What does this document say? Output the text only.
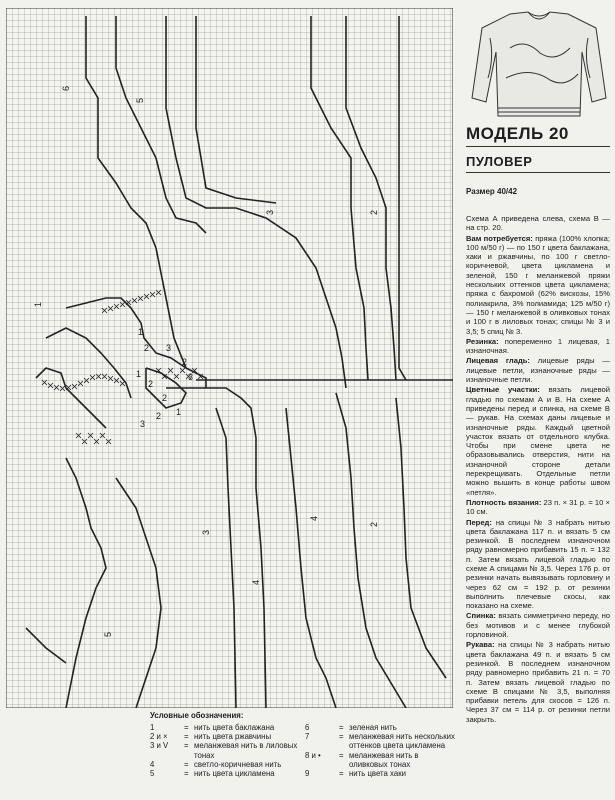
6
5
1
3	2
1
2 3
2
1
2
3
2
1
2
3
3
2
4
4
5
МОДЕЛЬ 20
ПУЛОВЕР
Размер 40/42

Схема А приведена слева, схема В — на стр. 20.

Вам потребуется: пряжа (100% хлопка; 100 м/50 г) — по 150 г цвета баклажана, хаки и ржавчины, по 100 г светло-коричневой, цвета цикламена и зеленой, 150 г меланжевой пряжи нескольких оттенков цвета цикламена; пряжа с бахромой (62% вискозы, 15% полиакрила, 3% полиамида; 125 м/50 г) — 150 г меланжевой в оливковых тонах и 100 г в лиловых тонах; спицы № 3 и 3,5; 5 спиц № 3.

Резинка: попеременно 1 лицевая, 1 изнаночная.

Лицевая гладь: лицевые ряды — лицевые петли, изнаночные ряды — изнаночные петли.

Цветные участки: вязать лицевой гладью по схемам А и В. На схеме А приведены перед и спинка, на схеме В — рукав. На схемах даны лицевые и изнаночные ряды. Каждый цветной участок вязать от отдельного клубка. Чтобы при смене цвета не образовывались отверстия, нити на изнаночной стороне детали перекрещивать. Отдельные петли можно вышить в конце работы швом «петля».

Плотность вязания: 23 п. × 31 р. = 10 × 10 см.

Перед: на спицы № 3 набрать нитью цвета баклажана 117 п. и вязать 5 см резинкой. В последнем изнаночном ряду равномерно прибавить 15 п. = 132 п. Затем вязать лицевой гладью по схеме А спицами № 3,5. Через 176 р. от резинки начать вывязывать горловину и через 62 см = 192 р. от резинки выполнить плечевые скосы, как показано на схеме.

Спинка: вязать симметрично переду, но без мотивов и с менее глубокой горловиной.

Рукава: на спицы № 3 набрать нитью цвета баклажана 49 п. и вязать 5 см резинкой. В последнем изнаночном ряду равномерно прибавить 21 п. = 70 п. Затем вязать лицевой гладью по схеме В спицами № 3,5, выполняя прибавки петель для скосов = 126 п. Через 37 см = 114 р. от резинки петли закрыть.

Условные обозначения:
1	= нить цвета баклажана
2 и ×	= нить цвета ржавчины
3 и V	= меланжевая нить в лиловых тонах
4	= светло-коричневая нить
5	= нить цвета цикламена
6	= зеленая нить
7	= меланжевая нить нескольких оттенков цвета цикламена
8 и •	= меланжевая нить в оливковых тонах
9	= нить цвета хаки
